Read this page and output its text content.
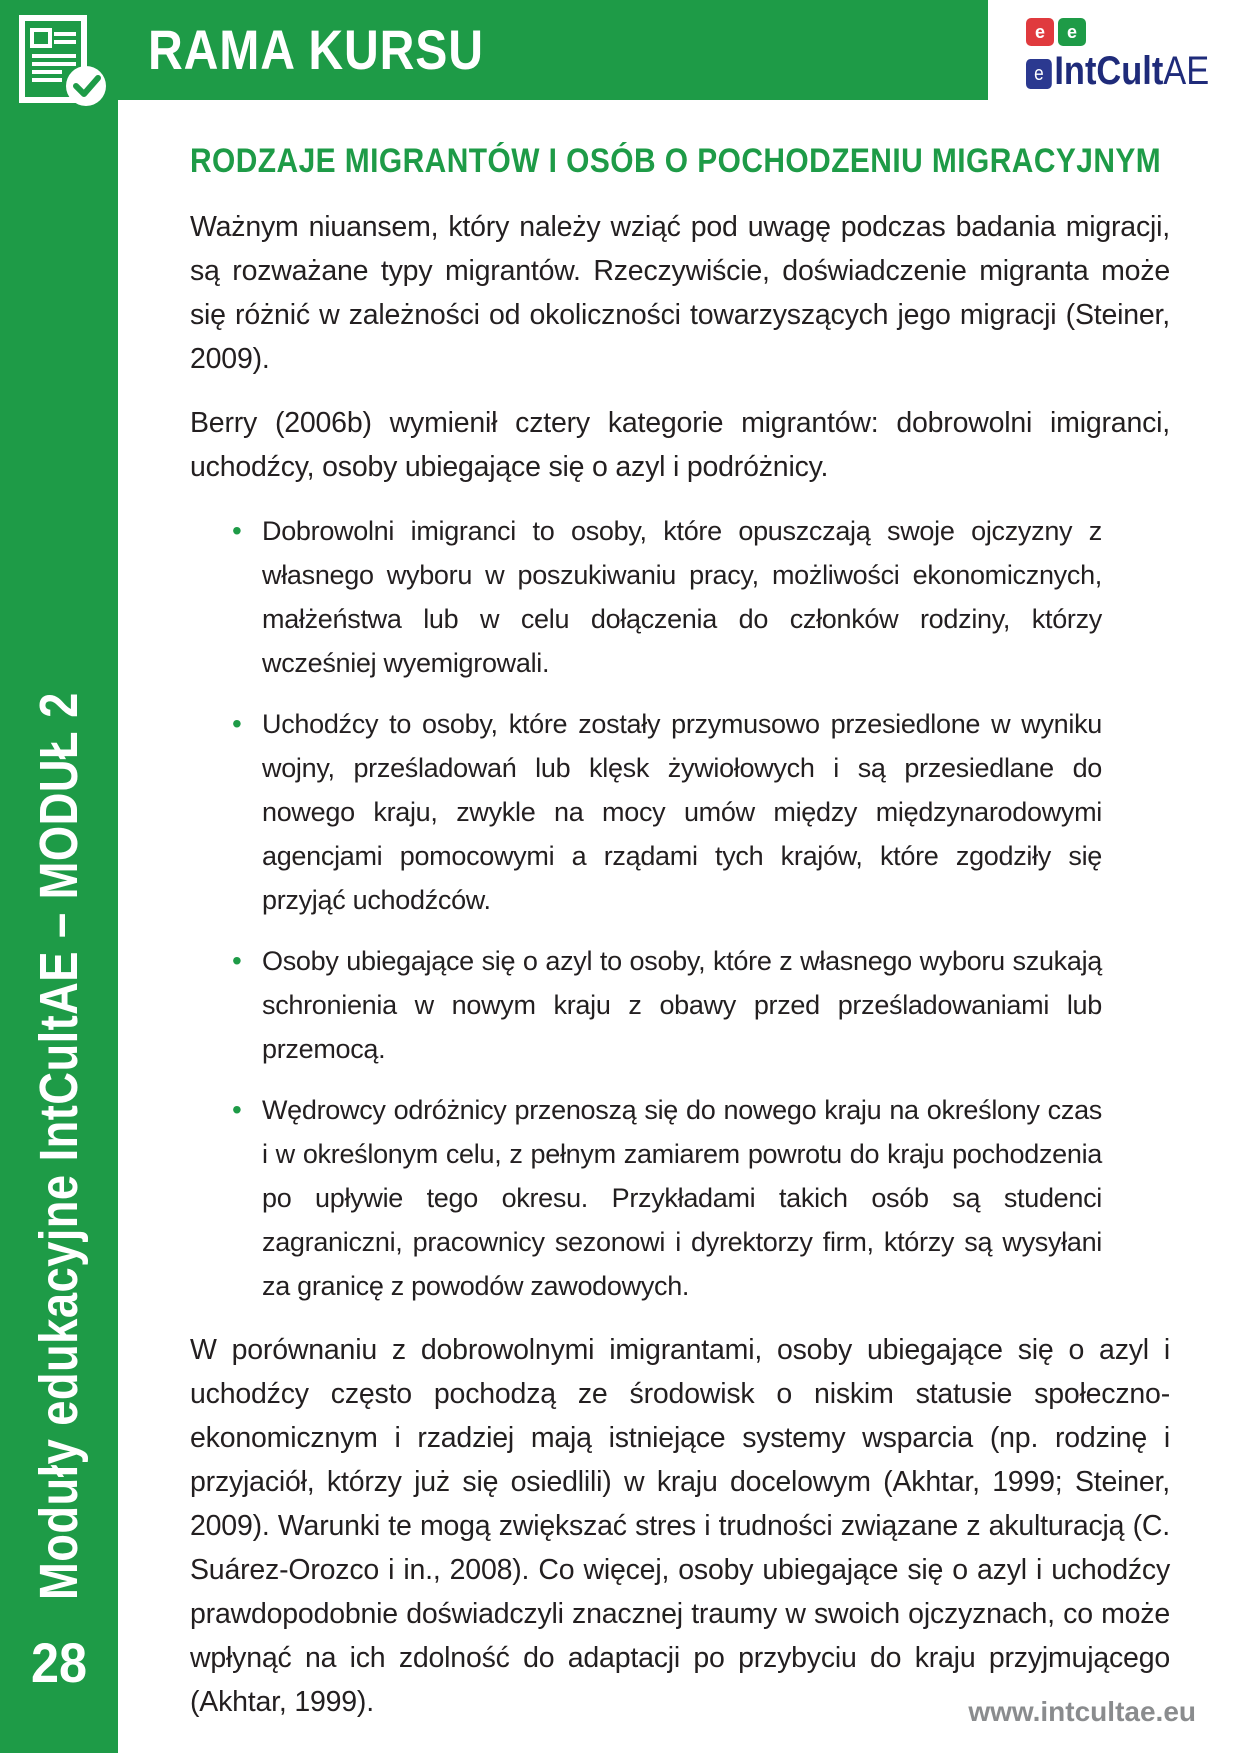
RAMA KURSU	e	e
e IntCultAE
Moduły edukacyjne IntCultAE – MODUŁ 2
28
RODZAJE MIGRANTÓW I OSÓB O POCHODZENIU MIGRACYJNYM

Ważnym niuansem, który należy wziąć pod uwagę podczas badania migracji, są rozważane typy migrantów. Rzeczywiście, doświadczenie migranta może się różnić w zależności od okoliczności towarzyszących jego migracji (Steiner, 2009).

Berry (2006b) wymienił cztery kategorie migrantów: dobrowolni imigranci, uchodźcy, osoby ubiegające się o azyl i podróżnicy.

• Dobrowolni imigranci to osoby, które opuszczają swoje ojczyzny z własnego wyboru w poszukiwaniu pracy, możliwości ekonomicznych, małżeństwa lub w celu dołączenia do członków rodziny, którzy wcześniej wyemigrowali.
• Uchodźcy to osoby, które zostały przymusowo przesiedlone w wyniku wojny, prześladowań lub klęsk żywiołowych i są przesiedlane do nowego kraju, zwykle na mocy umów między międzynarodowymi agencjami pomocowymi a rządami tych krajów, które zgodziły się przyjąć uchodźców.
• Osoby ubiegające się o azyl to osoby, które z własnego wyboru szukają schronienia w nowym kraju z obawy przed prześladowaniami lub przemocą.
• Wędrowcy odróżnicy przenoszą się do nowego kraju na określony czas i w określonym celu, z pełnym zamiarem powrotu do kraju pochodzenia po upływie tego okresu. Przykładami takich osób są studenci zagraniczni, pracownicy sezonowi i dyrektorzy firm, którzy są wysyłani za granicę z powodów zawodowych.

W porównaniu z dobrowolnymi imigrantami, osoby ubiegające się o azyl i uchodźcy często pochodzą ze środowisk o niskim statusie społeczno-ekonomicznym i rzadziej mają istniejące systemy wsparcia (np. rodzinę i przyjaciół, którzy już się osiedlili) w kraju docelowym (Akhtar, 1999; Steiner, 2009). Warunki te mogą zwiększać stres i trudności związane z akulturacją (C. Suárez-Orozco i in., 2008). Co więcej, osoby ubiegające się o azyl i uchodźcy prawdopodobnie doświadczyli znacznej traumy w swoich ojczyznach, co może wpłynąć na ich zdolność do adaptacji po przybyciu do kraju przyjmującego (Akhtar, 1999).	www.intcultae.eu
